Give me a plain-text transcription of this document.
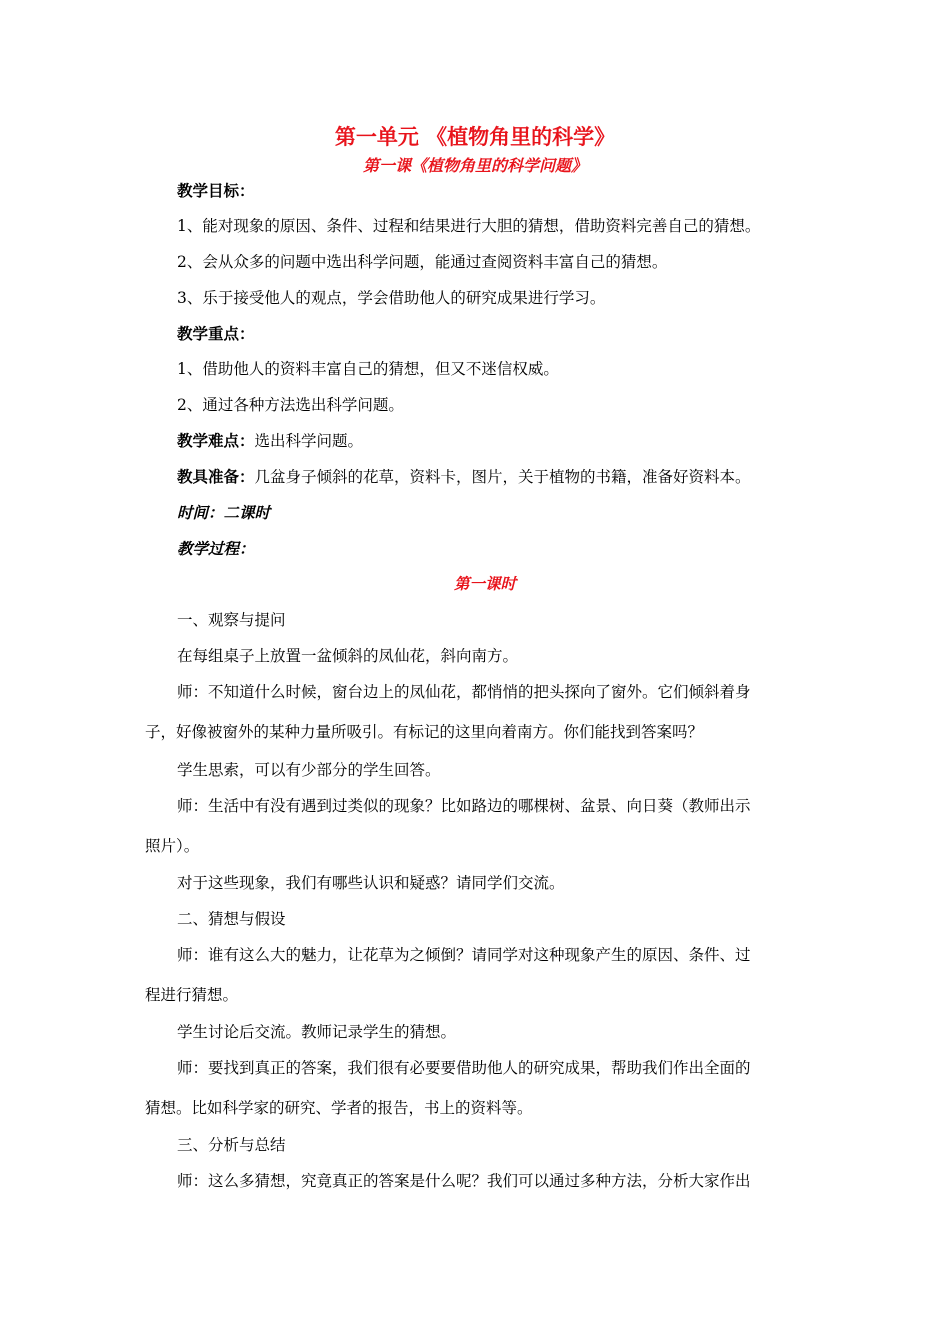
第一单元 《植物角里的科学》
第一课《植物角里的科学问题》
教学目标：
1、能对现象的原因、条件、过程和结果进行大胆的猜想，借助资料完善自己的猜想。
2、会从众多的问题中选出科学问题，能通过查阅资料丰富自己的猜想。
3、乐于接受他人的观点，学会借助他人的研究成果进行学习。
教学重点：
1、借助他人的资料丰富自己的猜想，但又不迷信权威。
2、通过各种方法选出科学问题。
教学难点：选出科学问题。
教具准备：几盆身子倾斜的花草，资料卡，图片，关于植物的书籍，准备好资料本。
时间：二课时
教学过程：
第一课时
一、观察与提问
在每组桌子上放置一盆倾斜的凤仙花，斜向南方。
师：不知道什么时候，窗台边上的凤仙花，都悄悄的把头探向了窗外。它们倾斜着身
子，好像被窗外的某种力量所吸引。有标记的这里向着南方。你们能找到答案吗？
学生思索，可以有少部分的学生回答。
师：生活中有没有遇到过类似的现象？比如路边的哪棵树、盆景、向日葵（教师出示
照片）。
对于这些现象，我们有哪些认识和疑惑？请同学们交流。
二、猜想与假设
师：谁有这么大的魅力，让花草为之倾倒？请同学对这种现象产生的原因、条件、过
程进行猜想。
学生讨论后交流。教师记录学生的猜想。
师：要找到真正的答案，我们很有必要要借助他人的研究成果，帮助我们作出全面的
猜想。比如科学家的研究、学者的报告，书上的资料等。
三、分析与总结
师：这么多猜想，究竟真正的答案是什么呢？我们可以通过多种方法，分析大家作出
